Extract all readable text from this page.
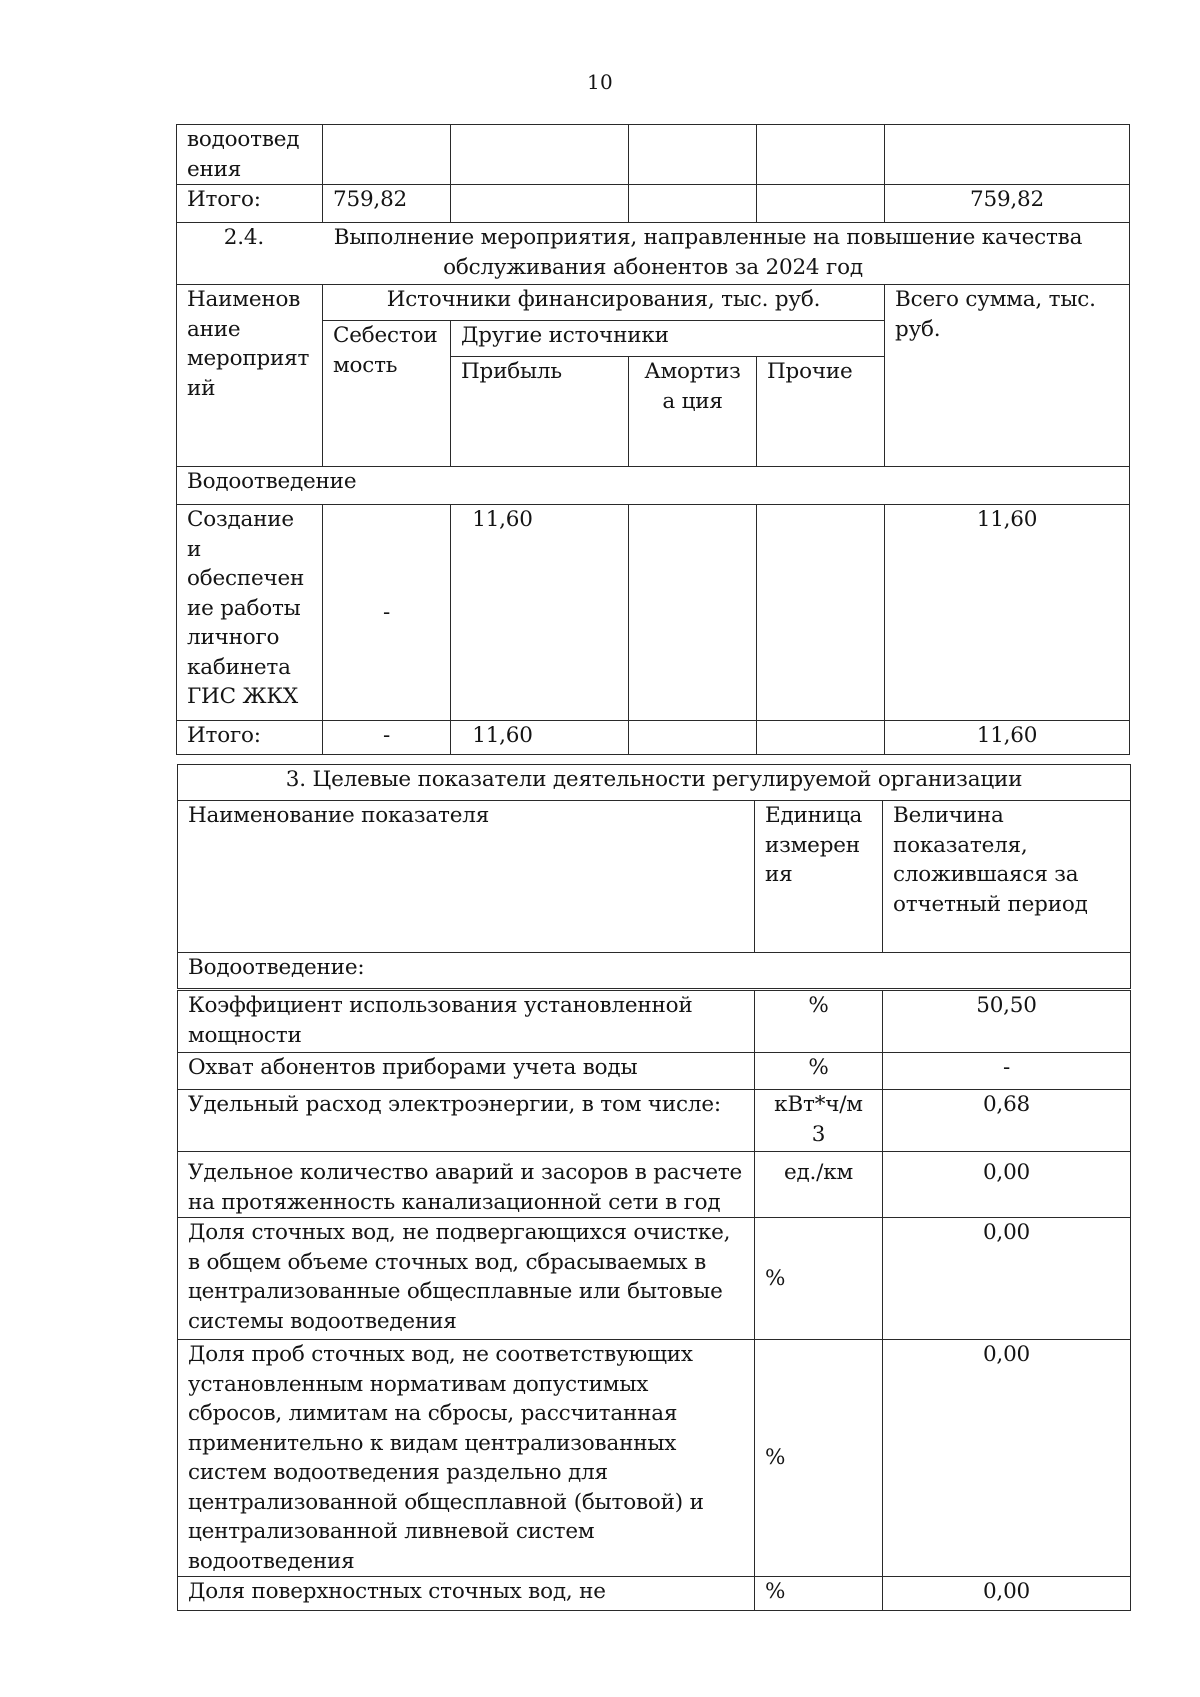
10
водоотвед ения					
Итого:	759,82				759,82
2.4. Выполнение мероприятия, направленные на повышение качества обслуживания абонентов за 2024 год					
Наименов ание мероприят ий	Источники финансирования, тыс. руб.				Всего сумма, тыс. руб.
	Себестои мость	Другие источники			
		Прибыль	Амортиза ция	Прочие	
Водоотведение					
Создание и обеспечен ие работы личного кабинета ГИС ЖКХ	-	11,60			11,60
Итого:	-	11,60			11,60
3. Целевые показатели деятельности регулируемой организации
Наименование показателя	Единица измерен ия	Величина показателя, сложившаяся за отчетный период
Водоотведение:
Коэффициент использования установленной мощности	%	50,50
Охват абонентов приборами учета воды	%	-
Удельный расход электроэнергии, в том числе:	кВт*ч/м 3	0,68
Удельное количество аварий и засоров в расчете на протяженность канализационной сети в год	ед./км	0,00
Доля сточных вод, не подвергающихся очистке, в общем объеме сточных вод, сбрасываемых в централизованные общесплавные или бытовые системы водоотведения	%	0,00
Доля проб сточных вод, не соответствующих установленным нормативам допустимых сбросов, лимитам на сбросы, рассчитанная применительно к видам централизованных систем водоотведения раздельно для централизованной общесплавной (бытовой) и централизованной ливневой систем водоотведения	%	0,00
Доля поверхностных сточных вод, не	%	0,00
